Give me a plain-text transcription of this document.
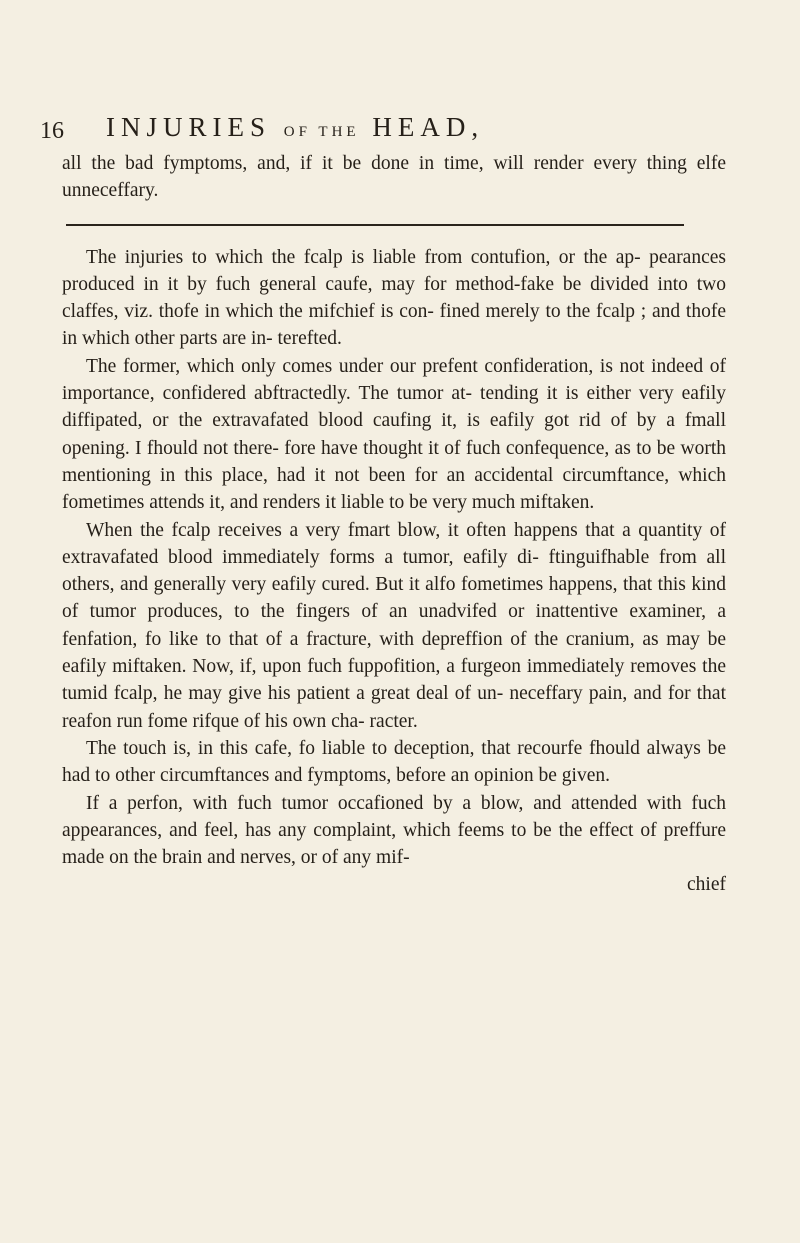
16 INJURIES OF THE HEAD,

all the bad fymptoms, and, if it be done in time, will render every thing elfe unneceffary.

The injuries to which the fcalp is liable from contufion, or the ap- pearances produced in it by fuch general caufe, may for method-fake be divided into two claffes, viz. thofe in which the mifchief is con- fined merely to the fcalp ; and thofe in which other parts are in- terefted.

The former, which only comes under our prefent confideration, is not indeed of importance, confidered abftractedly. The tumor at- tending it is either very eafily diffipated, or the extravafated blood caufing it, is eafily got rid of by a fmall opening. I fhould not there- fore have thought it of fuch confequence, as to be worth mentioning in this place, had it not been for an accidental circumftance, which fometimes attends it, and renders it liable to be very much miftaken.

When the fcalp receives a very fmart blow, it often happens that a quantity of extravafated blood immediately forms a tumor, eafily di- ftinguifhable from all others, and generally very eafily cured. But it alfo fometimes happens, that this kind of tumor produces, to the fingers of an unadvifed or inattentive examiner, a fenfation, fo like to that of a fracture, with depreffion of the cranium, as may be eafily miftaken. Now, if, upon fuch fuppofition, a furgeon immediately removes the tumid fcalp, he may give his patient a great deal of un- neceffary pain, and for that reafon run fome rifque of his own cha- racter.

The touch is, in this cafe, fo liable to deception, that recourfe fhould always be had to other circumftances and fymptoms, before an opinion be given.

If a perfon, with fuch tumor occafioned by a blow, and attended with fuch appearances, and feel, has any complaint, which feems to be the effect of preffure made on the brain and nerves, or of any mif-

chief
